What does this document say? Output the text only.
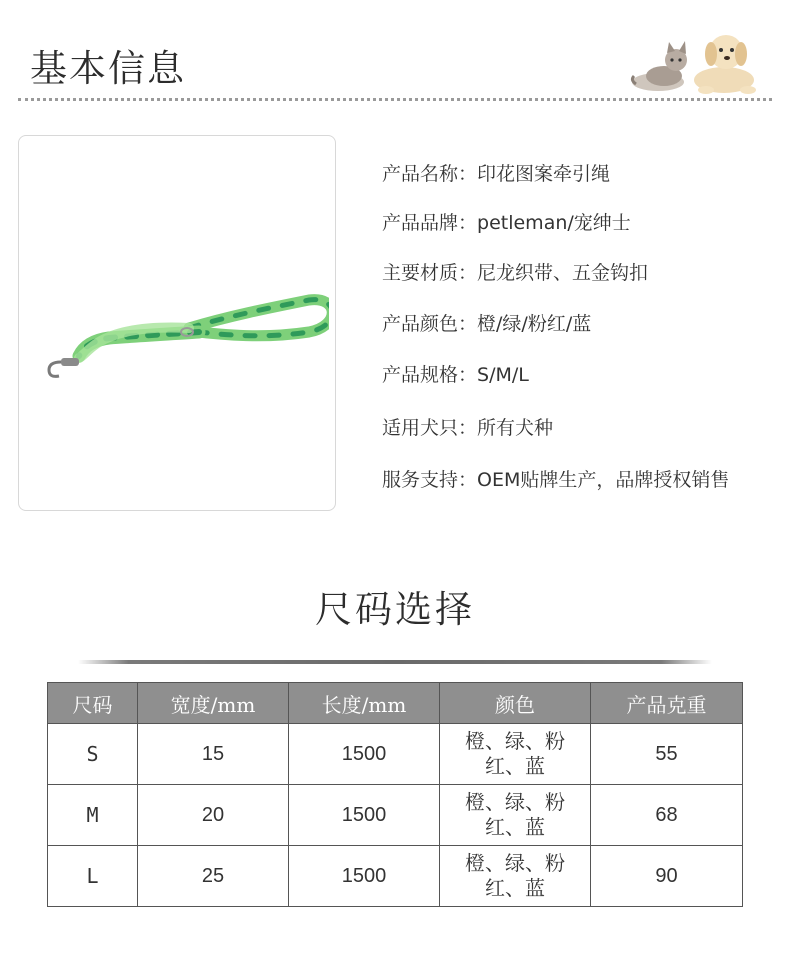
基本信息
产品名称：印花图案牵引绳
产品品牌：petleman/宠绅士
主要材质：尼龙织带、五金钩扣
产品颜色：橙/绿/粉红/蓝
产品规格：S/M/L
适用犬只：所有犬种
服务支持：OEM贴牌生产，品牌授权销售
尺码选择
尺码	宽度/mm	长度/mm	颜色	产品克重
S	15	1500	橙、绿、粉红、蓝	55
M	20	1500	橙、绿、粉红、蓝	68
L	25	1500	橙、绿、粉红、蓝	90
